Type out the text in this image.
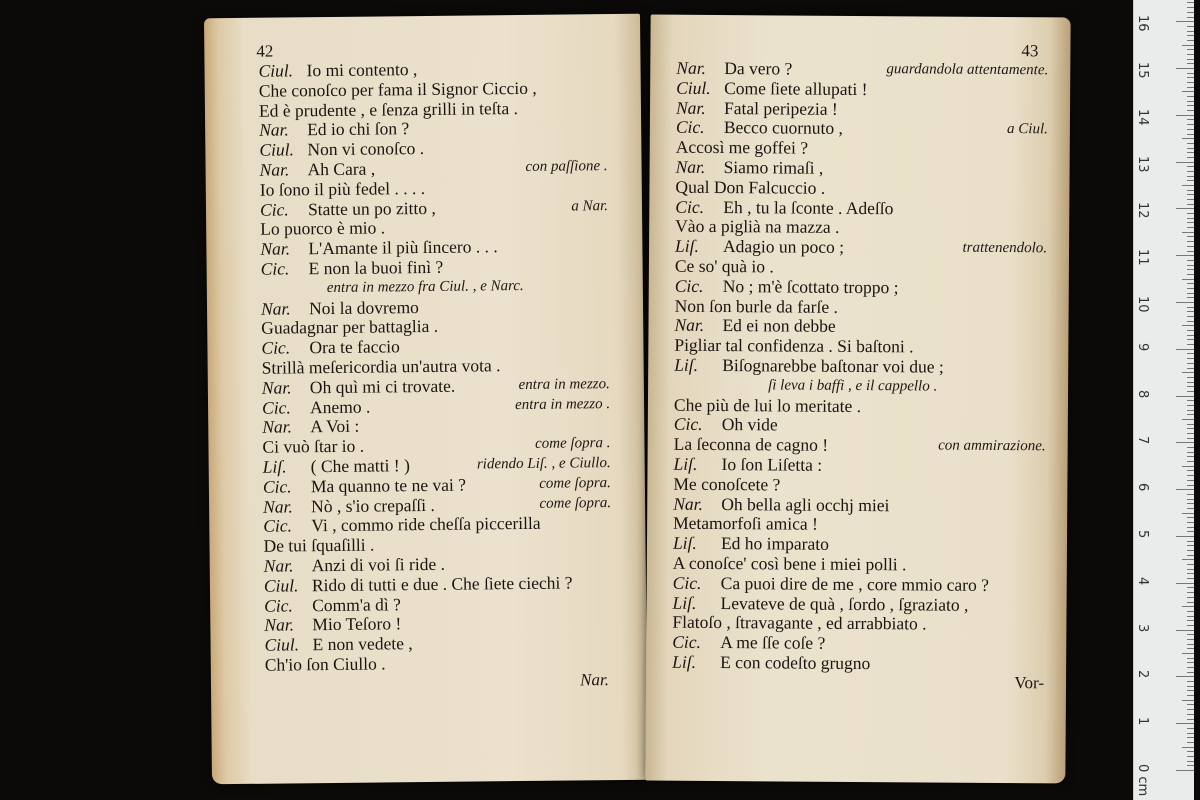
42
Ciul. Io mi contento ,
Che conoſco per fama il Signor Ciccio ,
Ed è prudente , e ſenza grilli in teſta .
Nar. Ed io chi ſon ?
Ciul. Non vi conoſco .
Nar. Ah Cara ,	con paſſione .
Io ſono il più fedel . . . .
Cic. Statte un po zitto ,	a Nar.
Lo puorco è mio .
Nar. L'Amante il più ſincero . . .
Cic. E non la buoi finì ?
entra in mezzo fra Ciul. , e Narc.
Nar. Noi la dovremo
Guadagnar per battaglia .
Cic. Ora te faccio
Strillà meſericordia un'autra vota .
Nar. Oh quì mi ci trovate.	entra in mezzo.
Cic. Anemo .	entra in mezzo .
Nar. A Voi :
Ci vuò ſtar io .	come ſopra .
Liſ. ( Che matti ! )	ridendo Liſ. , e Ciullo.
Cic. Ma quanno te ne vai ?	come ſopra.
Nar. Nò , s'io crepaſſi .	come ſopra.
Cic. Vi , commo ride cheſſa piccerilla
De tui ſquaſilli .
Nar. Anzi di voi ſi ride .
Ciul. Rido di tutti e due . Che ſiete ciechi ?
Cic. Comm'a dì ?
Nar. Mio Teſoro !
Ciul. E non vedete ,
Ch'io ſon Ciullo .
Nar.
43
Nar. Da vero ?	guardandola attentamente.
Ciul. Come ſiete allupati !
Nar. Fatal peripezia !
Cic. Becco cuornuto ,	a Ciul.
Accosì me goffei ?
Nar. Siamo rimaſi ,
Qual Don Falcuccio .
Cic. Eh , tu la ſconte . Adeſſo
Vào a piglià na mazza .
Liſ. Adagio un poco ;	trattenendolo.
Ce so' quà io .
Cic. No ; m'è ſcottato troppo ;
Non ſon burle da farſe .
Nar. Ed ei non debbe
Pigliar tal confidenza . Si baſtoni .
Liſ. Biſognarebbe baſtonar voi due ;
ſi leva i baffi , e il cappello .
Che più de lui lo meritate .
Cic. Oh vide
La ſeconna de cagno !	con ammirazione.
Liſ. Io ſon Liſetta :
Me conoſcete ?
Nar. Oh bella agli occhj miei
Metamorfoſi amica !
Liſ. Ed ho imparato
A conoſce' così bene i miei polli .
Cic. Ca puoi dire de me , core mmio caro ?
Liſ. Levateve de quà , ſordo , ſgraziato ,
Flatoſo , ſtravagante , ed arrabbiato .
Cic. A me ſſe coſe ?
Liſ. E con codeſto grugno
Vor-
0 cm
1
2
3
4
5
6
7
8
9
10
11
12
13
14
15
16
